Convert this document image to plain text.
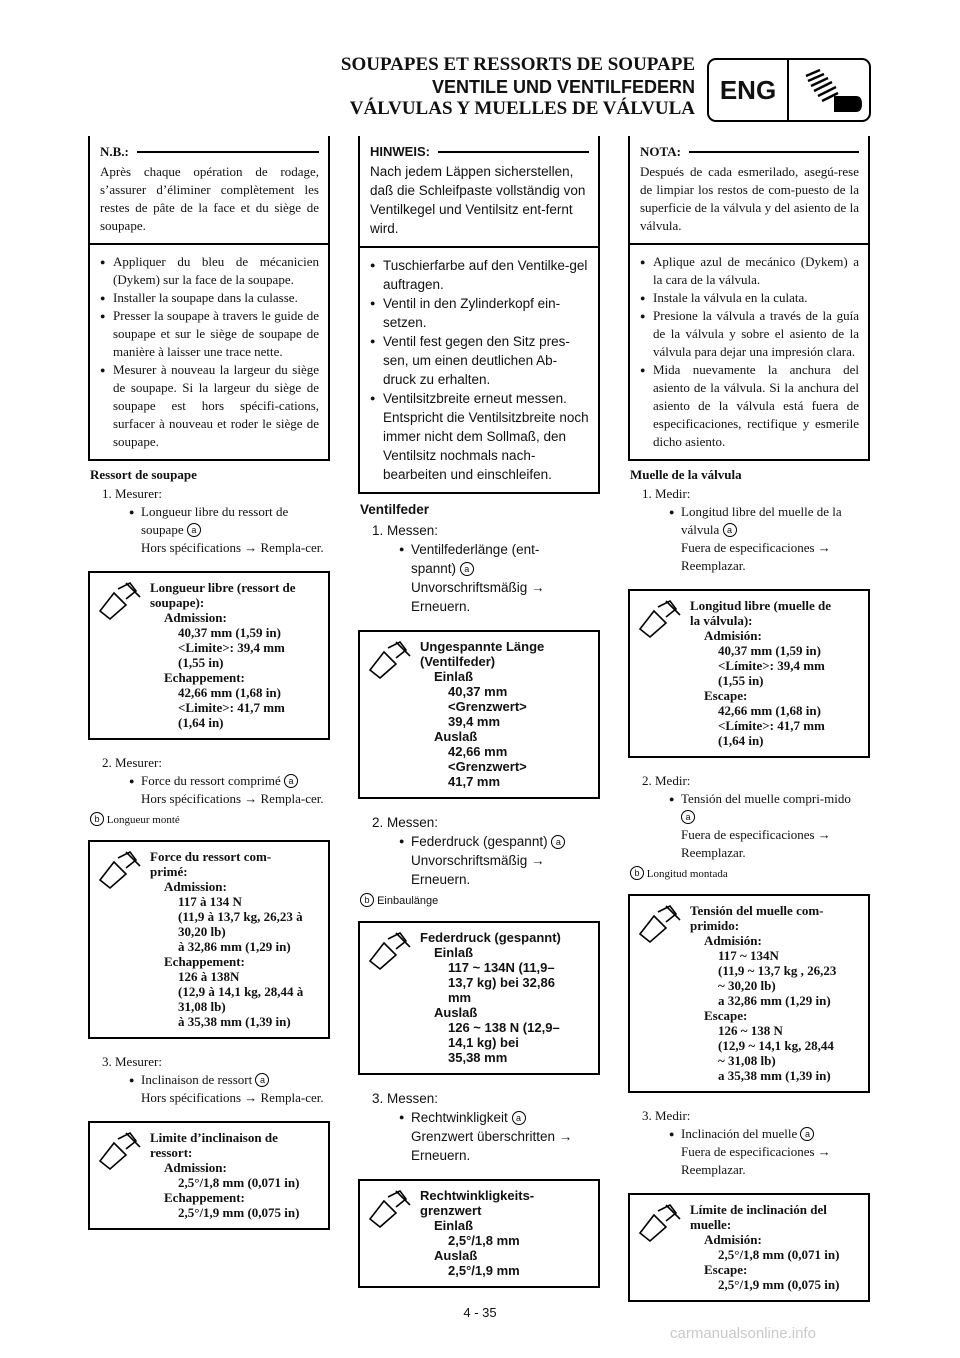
SOUPAPES ET RESSORTS DE SOUPAPE
VENTILE UND VENTILFEDERN
VÁLVULAS Y MUELLES DE VÁLVULA
ENG
N.B.:

Après chaque opération de rodage, s’assurer d’éliminer complètement les restes de pâte de la face et du siège de soupape.

● Appliquer du bleu de mécanicien (Dykem) sur la face de la soupape.
● Installer la soupape dans la culasse.
● Presser la soupape à travers le guide de soupape et sur le siège de soupape de manière à laisser une trace nette.
● Mesurer à nouveau la largeur du siège de soupape. Si la largeur du siège de soupape est hors spécifi-cations, surfacer à nouveau et roder le siège de soupape.
Ressort de soupape
1. Mesurer:
● Longueur libre du ressort de soupape a
Hors spécifications → Rempla-cer.
Longueur libre (ressort de
soupape):
Admission:
40,37 mm (1,59 in)
<Limite>: 39,4 mm
(1,55 in)
Echappement:
42,66 mm (1,68 in)
<Limite>: 41,7 mm
(1,64 in)
2. Mesurer:
● Force du ressort comprimé a
Hors spécifications → Rempla-cer.
b Longueur monté
Force du ressort com-
primé:
Admission:
117 à 134 N
(11,9 à 13,7 kg, 26,23 à
30,20 lb)
à 32,86 mm (1,29 in)
Echappement:
126 à 138N
(12,9 à 14,1 kg, 28,44 à
31,08 lb)
à 35,38 mm (1,39 in)
3. Mesurer:
● Inclinaison de ressort a
Hors spécifications → Rempla-cer.
Limite d’inclinaison de
ressort:
Admission:
2,5°/1,8 mm (0,071 in)
Echappement:
2,5°/1,9 mm (0,075 in)
HINWEIS:

Nach jedem Läppen sicherstellen, daß die Schleifpaste vollständig von Ventilkegel und Ventilsitz ent-fernt wird.

● Tuschierfarbe auf den Ventilke-gel auftragen.
● Ventil in den Zylinderkopf ein-setzen.
● Ventil fest gegen den Sitz pres-sen, um einen deutlichen Ab-druck zu erhalten.
● Ventilsitzbreite erneut messen. Entspricht die Ventilsitzbreite noch immer nicht dem Sollmaß, den Ventilsitz nochmals nach-bearbeiten und einschleifen.
Ventilfeder
1. Messen:
● Ventilfederlänge (ent-
spannt) a
Unvorschriftsmäßig →
Erneuern.
Ungespannte Länge
(Ventilfeder)
Einlaß
40,37 mm
<Grenzwert>
39,4 mm
Auslaß
42,66 mm
<Grenzwert>
41,7 mm
2. Messen:
● Federdruck (gespannt) a
Unvorschriftsmäßig →
Erneuern.
b Einbaulänge
Federdruck (gespannt)
Einlaß
117 ~ 134N (11,9–
13,7 kg) bei 32,86
mm
Auslaß
126 ~ 138 N (12,9–
14,1 kg) bei
35,38 mm
3. Messen:
● Rechtwinkligkeit a
Grenzwert überschritten →
Erneuern.
Rechtwinkligkeits-
grenzwert
Einlaß
2,5°/1,8 mm
Auslaß
2,5°/1,9 mm
NOTA:

Después de cada esmerilado, asegú-rese de limpiar los restos de com-puesto de la superficie de la válvula y del asiento de la válvula.

● Aplique azul de mecánico (Dykem) a la cara de la válvula.
● Instale la válvula en la culata.
● Presione la válvula a través de la guía de la válvula y sobre el asiento de la válvula para dejar una impresión clara.
● Mida nuevamente la anchura del asiento de la válvula. Si la anchura del asiento de la válvula está fuera de especificaciones, rectifique y esmerile dicho asiento.
Muelle de la válvula
1. Medir:
● Longitud libre del muelle de la válvula a
Fuera de especificaciones → Reemplazar.
Longitud libre (muelle de
la válvula):
Admisión:
40,37 mm (1,59 in)
<Límite>: 39,4 mm
(1,55 in)
Escape:
42,66 mm (1,68 in)
<Límite>: 41,7 mm
(1,64 in)
2. Medir:
● Tensión del muelle compri-mido a
Fuera de especificaciones → Reemplazar.
b Longitud montada
Tensión del muelle com-
primido:
Admisión:
117 ~ 134N
(11,9 ~ 13,7 kg , 26,23
~ 30,20 lb)
a 32,86 mm (1,29 in)
Escape:
126 ~ 138 N
(12,9 ~ 14,1 kg, 28,44
~ 31,08 lb)
a 35,38 mm (1,39 in)
3. Medir:
● Inclinación del muelle a
Fuera de especificaciones → Reemplazar.
Límite de inclinación del
muelle:
Admisión:
2,5°/1,8 mm (0,071 in)
Escape:
2,5°/1,9 mm (0,075 in)
4 - 35
carmanualsonline.info
